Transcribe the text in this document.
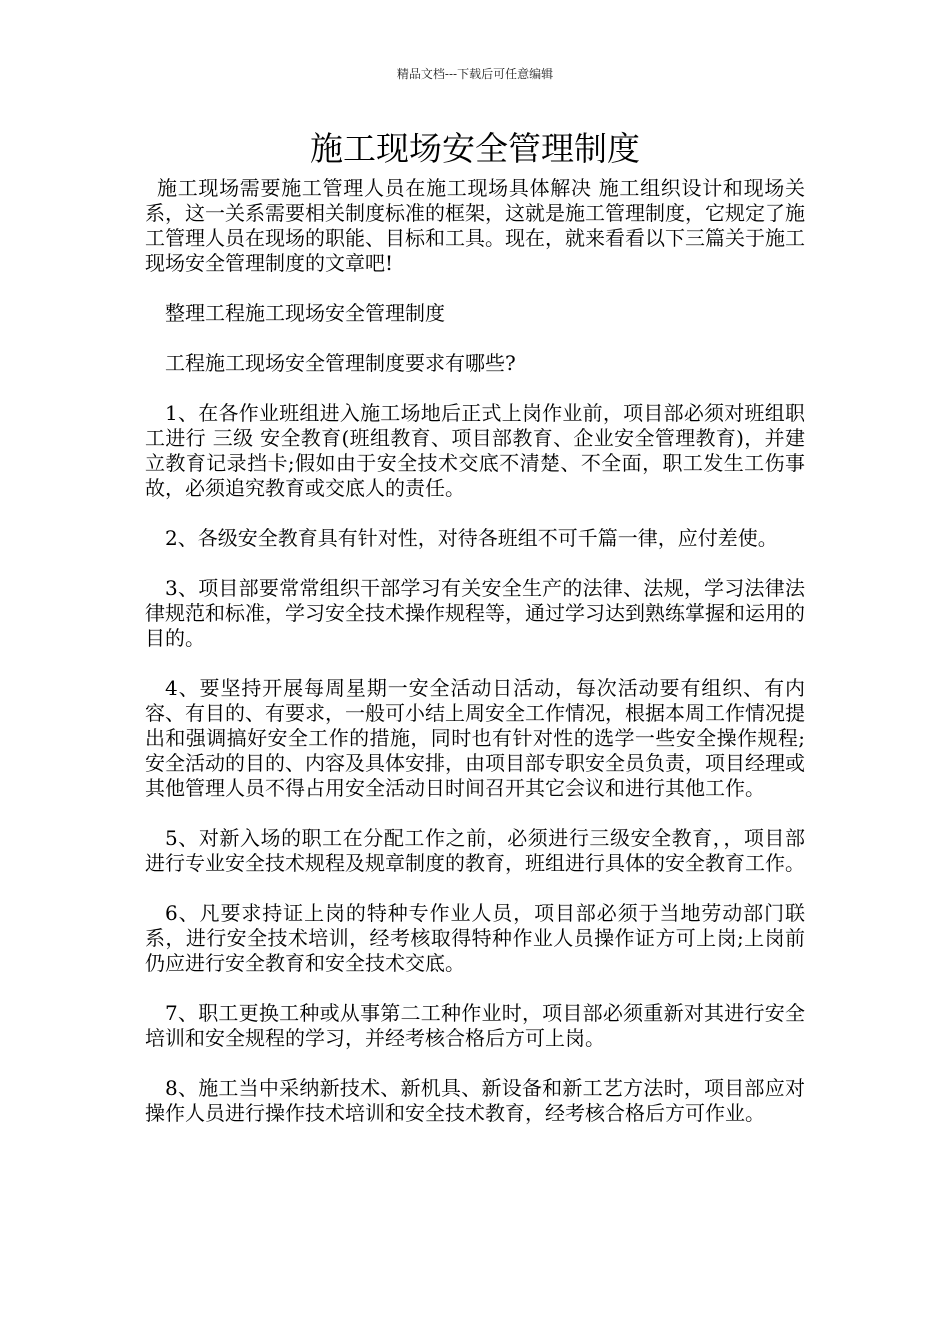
精品文档---下载后可任意编辑
施工现场安全管理制度

施工现场需要施工管理人员在施工现场具体解决 施工组织设计和现场关系，这一关系需要相关制度标准的框架，这就是施工管理制度，它规定了施工管理人员在现场的职能、目标和工具。现在，就来看看以下三篇关于施工现场安全管理制度的文章吧!

整理工程施工现场安全管理制度

工程施工现场安全管理制度要求有哪些?

1、在各作业班组进入施工场地后正式上岗作业前，项目部必须对班组职工进行 三级 安全教育(班组教育、项目部教育、企业安全管理教育)，并建立教育记录挡卡;假如由于安全技术交底不清楚、不全面，职工发生工伤事故，必须追究教育或交底人的责任。

2、各级安全教育具有针对性，对待各班组不可千篇一律，应付差使。

3、项目部要常常组织干部学习有关安全生产的法律、法规，学习法律法律规范和标准，学习安全技术操作规程等，通过学习达到熟练掌握和运用的目的。

4、要坚持开展每周星期一安全活动日活动，每次活动要有组织、有内容、有目的、有要求，一般可小结上周安全工作情况，根据本周工作情况提出和强调搞好安全工作的措施，同时也有针对性的选学一些安全操作规程;安全活动的目的、内容及具体安排，由项目部专职安全员负责，项目经理或其他管理人员不得占用安全活动日时间召开其它会议和进行其他工作。

5、对新入场的职工在分配工作之前，必须进行三级安全教育，，项目部进行专业安全技术规程及规章制度的教育，班组进行具体的安全教育工作。

6、凡要求持证上岗的特种专作业人员，项目部必须于当地劳动部门联系，进行安全技术培训，经考核取得特种作业人员操作证方可上岗;上岗前仍应进行安全教育和安全技术交底。

7、职工更换工种或从事第二工种作业时，项目部必须重新对其进行安全培训和安全规程的学习，并经考核合格后方可上岗。

8、施工当中采纳新技术、新机具、新设备和新工艺方法时，项目部应对操作人员进行操作技术培训和安全技术教育，经考核合格后方可作业。
